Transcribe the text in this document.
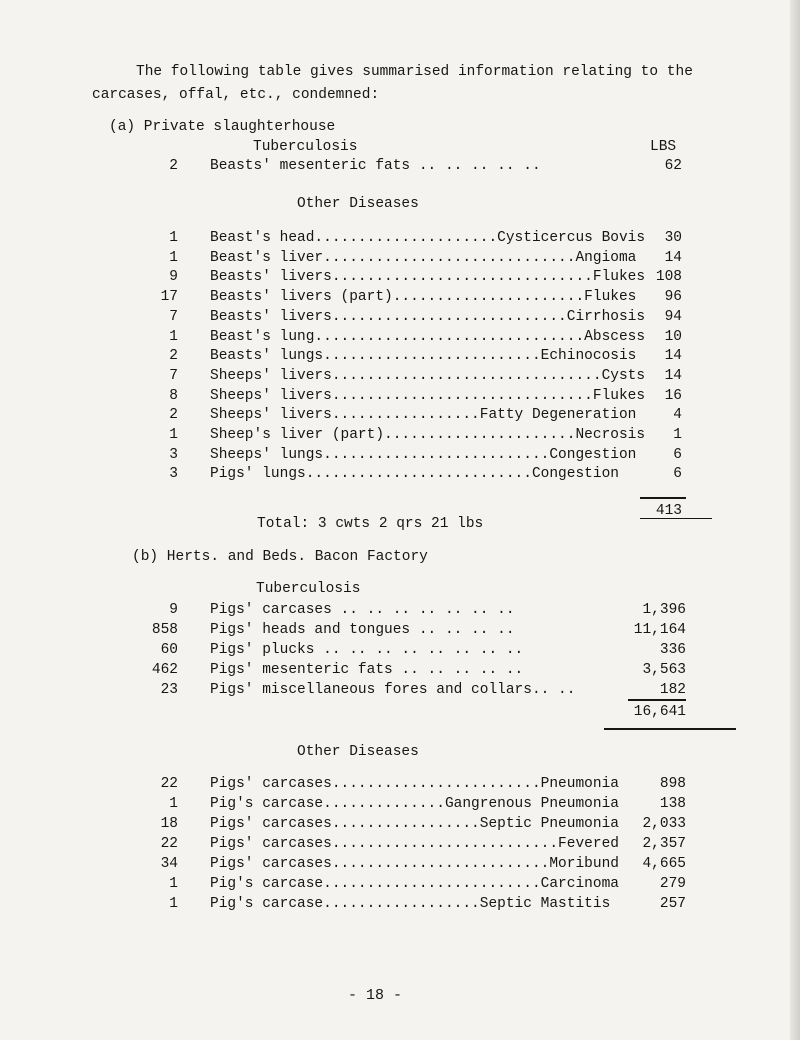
The following table gives summarised information relating to the
carcases, offal, etc., condemned:
(a) Private slaughterhouse
Tuberculosis	LBS
2 Beasts' mesenteric fats .. .. .. .. ..	62
Other Diseases
1 Beast's head.....................Cysticercus Bovis	30
1 Beast's liver.............................Angioma	14
9 Beasts' livers..............................Flukes 108
17 Beasts' livers (part)......................Flukes	96
7 Beasts' livers...........................Cirrhosis	94
1 Beast's lung...............................Abscess	10
2 Beasts' lungs.........................Echinocosis	14
7 Sheeps' livers...............................Cysts	14
8 Sheeps' livers..............................Flukes	16
2 Sheeps' livers.................Fatty Degeneration	4
1 Sheep's liver (part)......................Necrosis	1
3 Sheeps' lungs..........................Congestion	6
3 Pigs' lungs..........................Congestion	6
413
Total: 3 cwts 2 qrs 21 lbs
(b) Herts. and Beds. Bacon Factory
Tuberculosis
9 Pigs' carcases .. .. .. .. .. .. ..	1,396
858 Pigs' heads and tongues .. .. .. ..	11,164
60 Pigs' plucks .. .. .. .. .. .. .. ..	336
462 Pigs' mesenteric fats .. .. .. .. ..	3,563
23 Pigs' miscellaneous fores and collars.. ..	182
16,641
Other Diseases
22 Pigs' carcases........................Pneumonia	898
1 Pig's carcase..............Gangrenous Pneumonia	138
18 Pigs' carcases.................Septic Pneumonia	2,033
22 Pigs' carcases..........................Fevered	2,357
34 Pigs' carcases.........................Moribund	4,665
1 Pig's carcase.........................Carcinoma	279
1 Pig's carcase..................Septic Mastitis	257
- 18 -
